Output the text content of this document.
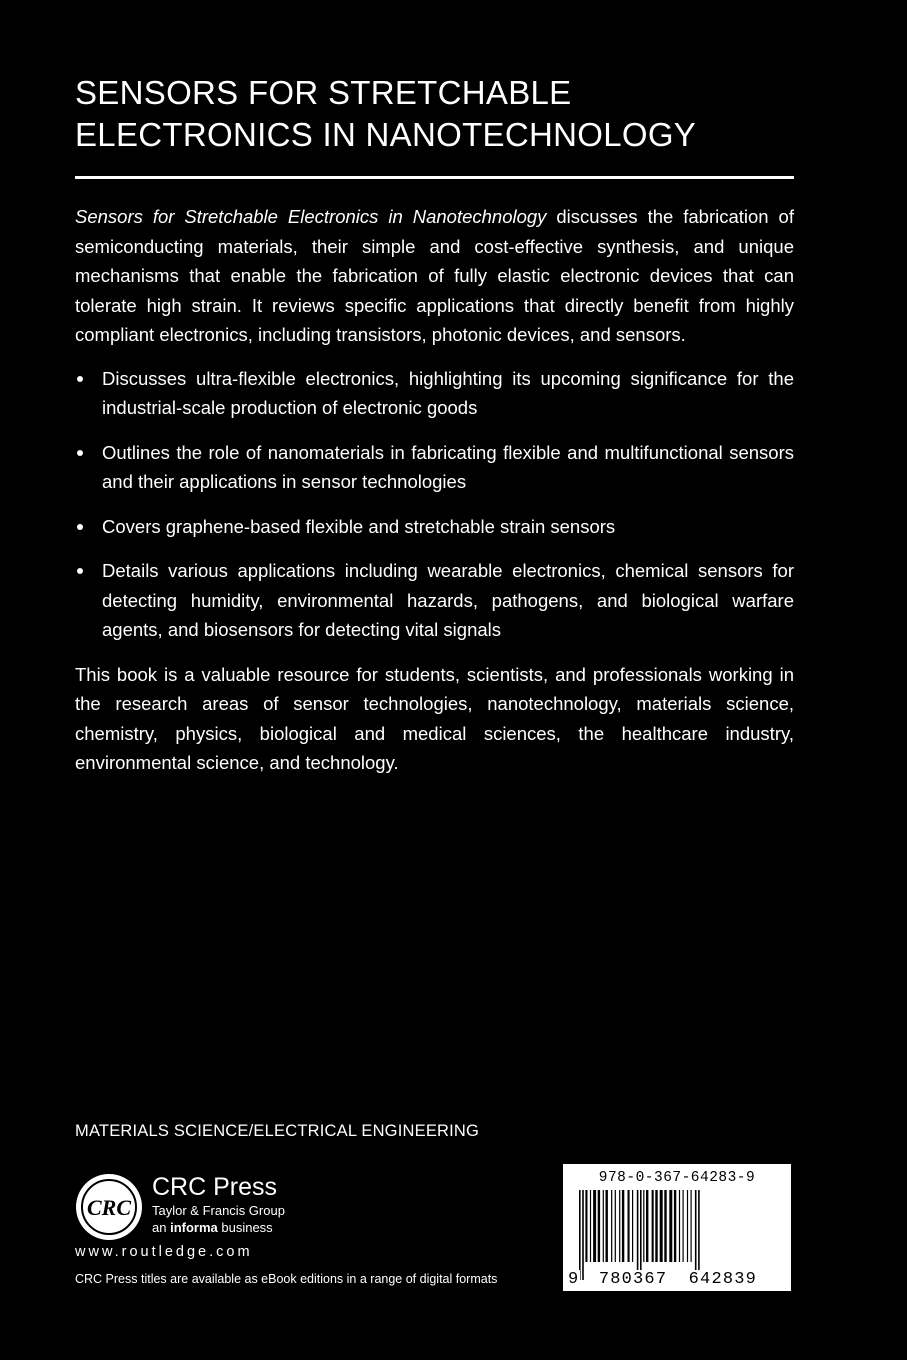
SENSORS FOR STRETCHABLE
ELECTRONICS IN NANOTECHNOLOGY

Sensors for Stretchable Electronics in Nanotechnology discusses the fabrication of semiconducting materials, their simple and cost-effective synthesis, and unique mechanisms that enable the fabrication of fully elastic electronic devices that can tolerate high strain. It reviews specific applications that directly benefit from highly compliant electronics, including transistors, photonic devices, and sensors.

Discusses ultra-flexible electronics, highlighting its upcoming significance for the industrial-scale production of electronic goods
Outlines the role of nanomaterials in fabricating flexible and multifunctional sensors and their applications in sensor technologies
Covers graphene-based flexible and stretchable strain sensors
Details various applications including wearable electronics, chemical sensors for detecting humidity, environmental hazards, pathogens, and biological warfare agents, and biosensors for detecting vital signals

This book is a valuable resource for students, scientists, and professionals working in the research areas of sensor technologies, nanotechnology, materials science, chemistry, physics, biological and medical sciences, the healthcare industry, environmental science, and technology.

MATERIALS SCIENCE/ELECTRICAL ENGINEERING
CRC
CRC Press
Taylor & Francis Group
an informa business
www.routledge.com
CRC Press titles are available as eBook editions in a range of digital formats
978-0-367-64283-9
9 780367 642839
